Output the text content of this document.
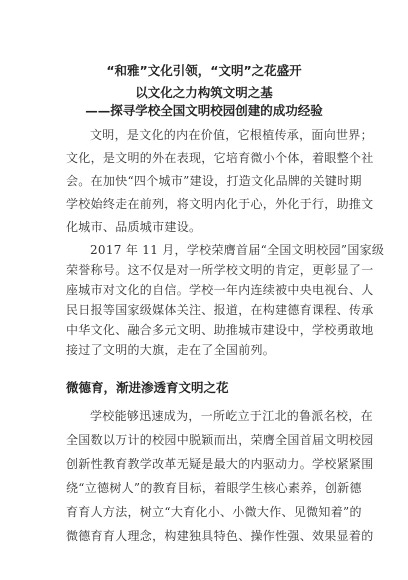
“和雅”文化引领，“文明”之花盛开
以文化之力构筑文明之基
——探寻学校全国文明校园创建的成功经验
文明，是文化的内在价值，它根植传承，面向世界；
文化，是文明的外在表现，它培育微小个体，着眼整个社
会。在加快“四个城市”建设，打造文化品牌的关键时期
学校始终走在前列，将文明内化于心，外化于行，助推文
化城市、品质城市建设。
2017 年 11 月，学校荣膺首届“全国文明校园”国家级
荣誉称号。这不仅是对一所学校文明的肯定，更彰显了一
座城市对文化的自信。学校一年内连续被中央电视台、人
民日报等国家级媒体关注、报道，在构建德育课程、传承
中华文化、融合多元文明、助推城市建设中，学校勇敢地
接过了文明的大旗，走在了全国前列。
微德育，渐进渗透育文明之花
学校能够迅速成为，一所屹立于江北的鲁派名校，在
全国数以万计的校园中脱颖而出，荣膺全国首届文明校园
创新性教育教学改革无疑是最大的内驱动力。学校紧紧围
绕“立德树人”的教育目标，着眼学生核心素养，创新德
育育人方法，树立“大育化小、小微大作、见微知着”的
微德育育人理念，构建独具特色、操作性强、效果显着的
